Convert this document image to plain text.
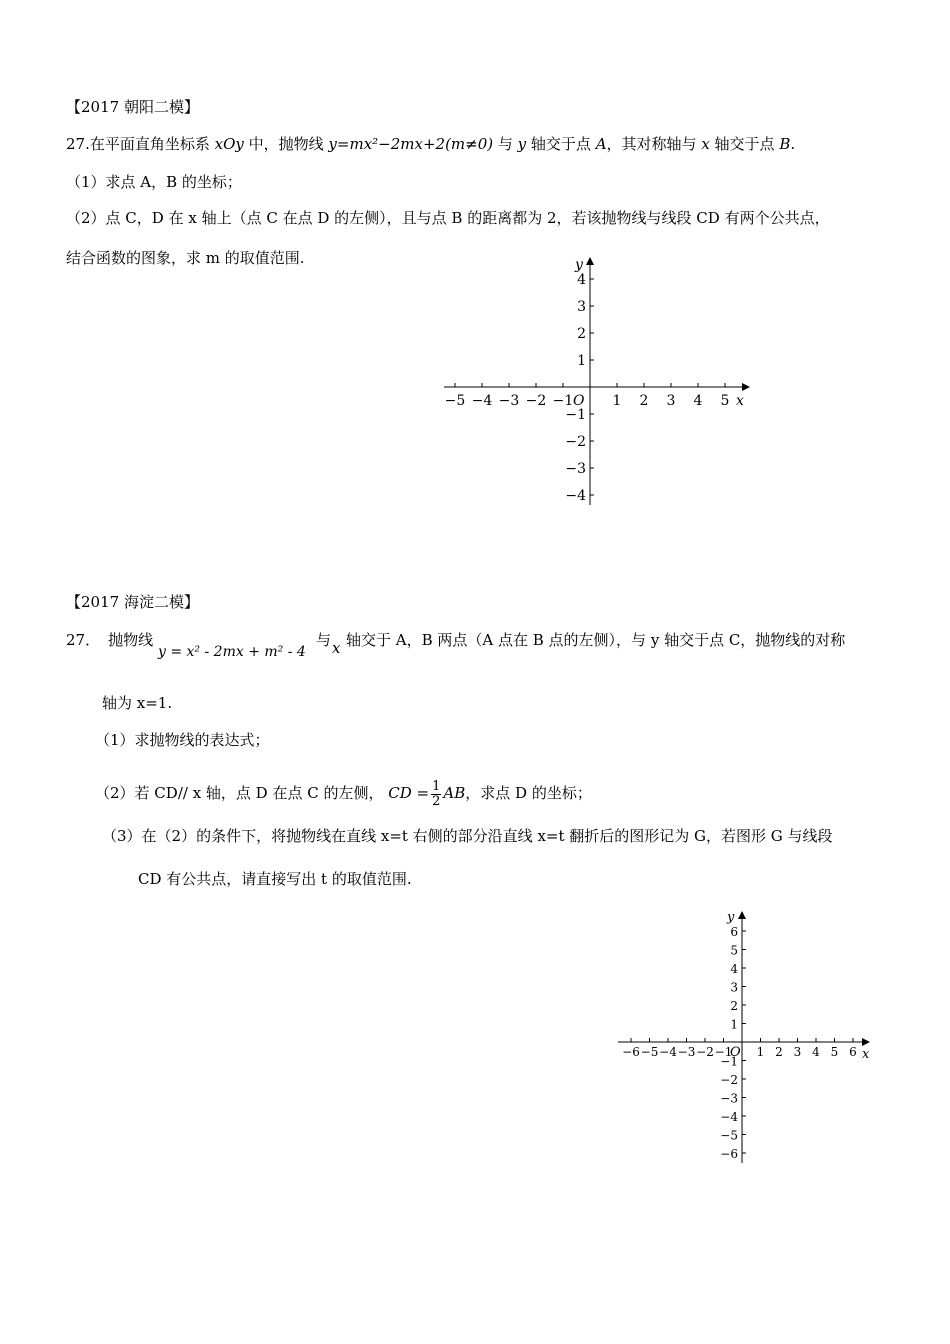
【2017 朝阳二模】
27.在平面直角坐标系 xOy 中，抛物线 y=mx²−2mx+2(m≠0) 与 y 轴交于点 A，其对称轴与 x 轴交于点 B.
（1）求点 A，B 的坐标；
（2）点 C，D 在 x 轴上（点 C 在点 D 的左侧），且与点 B 的距离都为 2，若该抛物线与线段 CD 有两个公共点，
结合函数的图象，求 m 的取值范围.
−5 −4 −3 −2 −1	1 2 3 4 5
4
3
2
1
−1
−2
−3
−4
x
y
O
【2017 海淀二模】
27． 抛物线
y = x² - 2mx + m² - 4
与 x 轴交于 A，B 两点（A 点在 B 点的左侧），与 y 轴交于点 C，抛物线的对称
轴为 x=1.
（1）求抛物线的表达式；
（2）若 CD// x 轴，点 D 在点 C 的左侧， CD = $\frac{1}{2}$ AB，求点 D 的坐标；
（3）在（2）的条件下，将抛物线在直线 x=t 右侧的部分沿直线 x=t 翻折后的图形记为 G，若图形 G 与线段
CD 有公共点，请直接写出 t 的取值范围.
−6 −5 −4 −3 −2 −1 1 2 3 4 5 6
6
5
4
3
2
1
−1
−2
−3
−4
−5
−6
x
y
O
